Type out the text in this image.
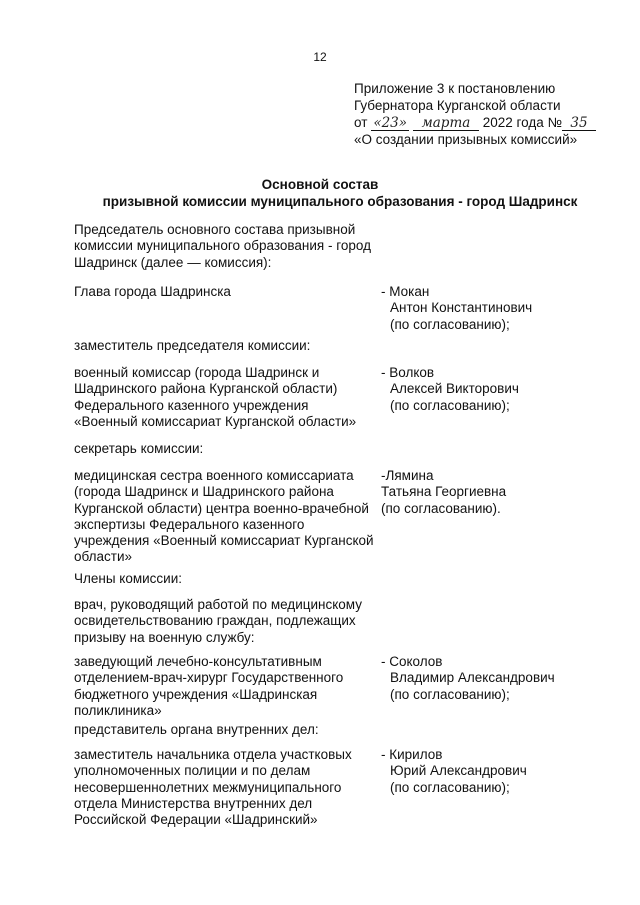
12
Приложение 3 к постановлению
Губернатора Курганской области
от «23» марта 2022 года № 35
«О создании призывных комиссий»
Основной состав
призывной комиссии муниципального образования - город Шадринск
Председатель основного состава призывной комиссии муниципального образования - город Шадринск (далее — комиссия):
Глава города Шадринска	- Мокан
Антон Константинович
(по согласованию);
заместитель председателя комиссии:
военный комиссар (города Шадринск и Шадринского района Курганской области) Федерального казенного учреждения «Военный комиссариат Курганской области»
- Волков
Алексей Викторович
(по согласованию);
секретарь комиссии:
медицинская сестра военного комиссариата (города Шадринск и Шадринского района Курганской области) центра военно-врачебной экспертизы Федерального казенного учреждения «Военный комиссариат Курганской области»
-Лямина
Татьяна Георгиевна
(по согласованию).
Члены комиссии:
врач, руководящий работой по медицинскому освидетельствованию граждан, подлежащих призыву на военную службу:
заведующий лечебно-консультативным отделением-врач-хирург Государственного бюджетного учреждения «Шадринская поликлиника»
- Соколов
Владимир Александрович
(по согласованию);
представитель органа внутренних дел:
заместитель начальника отдела участковых уполномоченных полиции и по делам несовершеннолетних межмуниципального отдела Министерства внутренних дел Российской Федерации «Шадринский»
- Кирилов
Юрий Александрович
(по согласованию);
